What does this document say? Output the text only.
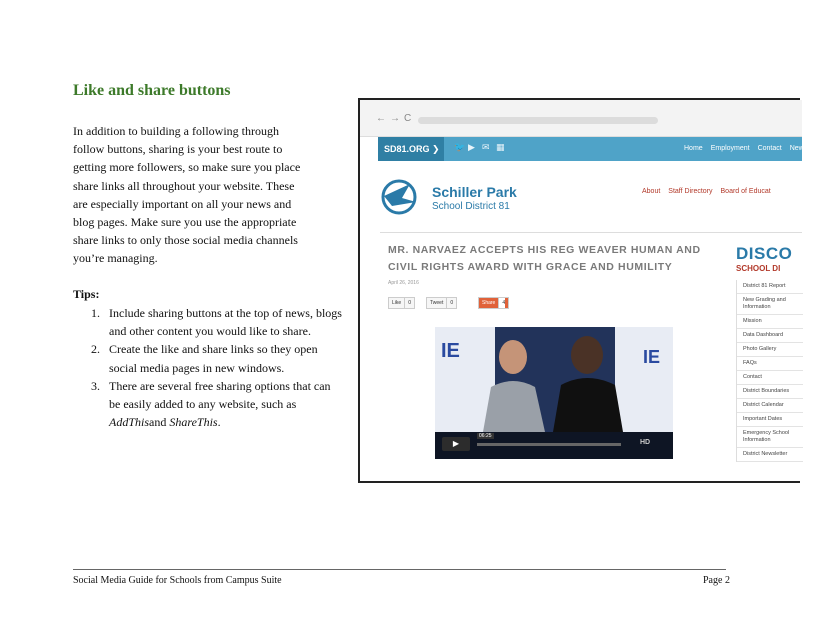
Like and share buttons
In addition to building a following through follow buttons, sharing is your best route to getting more followers, so make sure you place share links all throughout your website. These are especially important on all your news and blog pages. Make sure you use the appropriate share links to only those social media channels you’re managing.
Tips:
1. Include sharing buttons at the top of news, blogs and other content you would like to share.
2. Create the like and share links so they open social media pages in new windows.
3. There are several free sharing options that can be easily added to any website, such as AddThisand ShareThis.
← → C
SD81.ORG ❯	🐦 ▶ ✉ ▦	Home Employment Contact News
Schiller Park
School District 81
About Staff Directory Board of Educat
MR. NARVAEZ ACCEPTS HIS REG WEAVER HUMAN AND CIVIL RIGHTS AWARD WITH GRACE AND HUMILITY
April 26, 2016
Like 0	Tweet 0	Share 4
IE	IE
▶
06:25
HD
DISCO
SCHOOL DI
District 81 Report
New Grading and Information
Mission
Data Dashboard
Photo Gallery
FAQs
Contact
District Boundaries
District Calendar
Important Dates
Emergency School Information
District Newsletter
Social Media Guide for Schools from Campus Suite	Page 2
